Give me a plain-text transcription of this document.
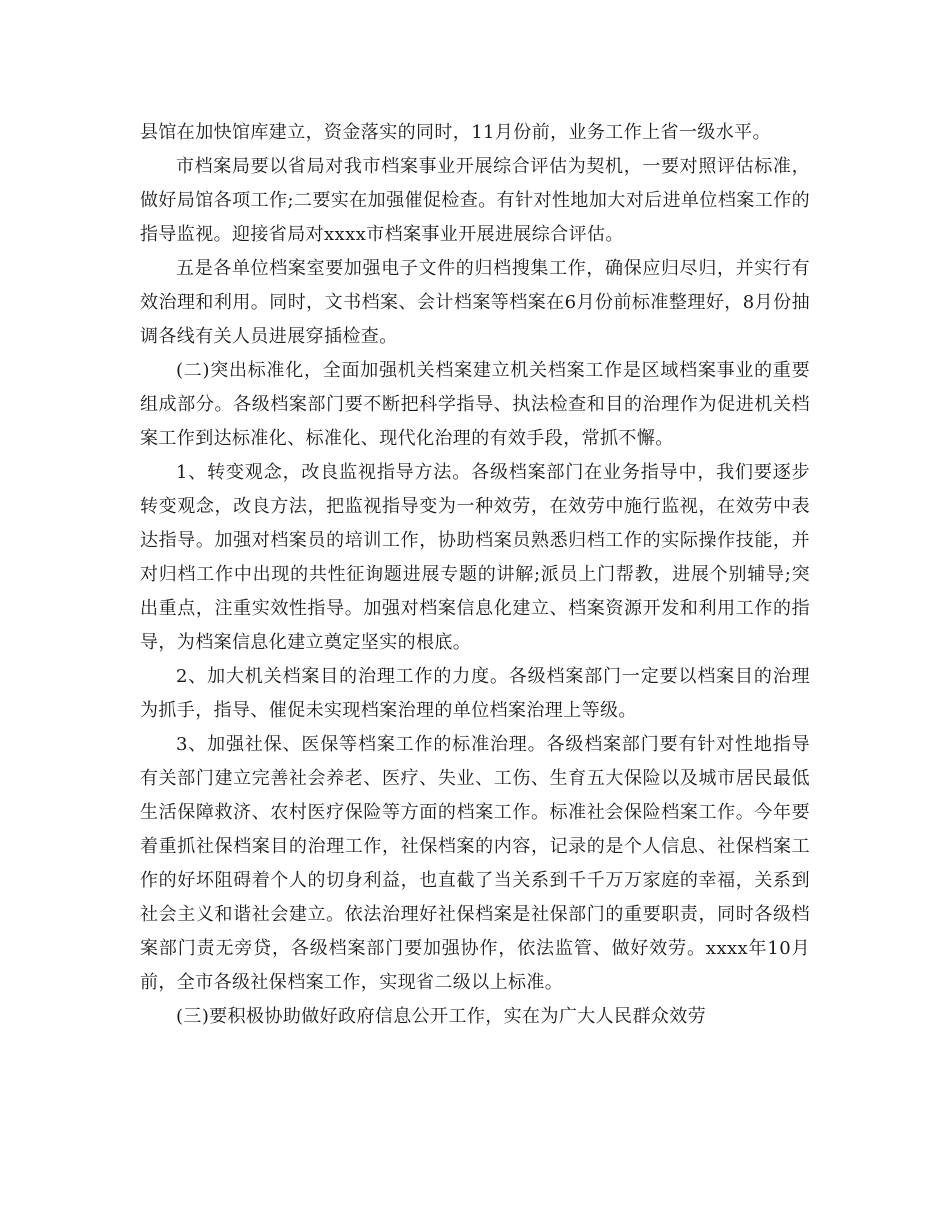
县馆在加快馆库建立，资金落实的同时，11月份前，业务工作上省一级水平。

市档案局要以省局对我市档案事业开展综合评估为契机，一要对照评估标准，做好局馆各项工作;二要实在加强催促检查。有针对性地加大对后进单位档案工作的指导监视。迎接省局对xxxx市档案事业开展进展综合评估。

五是各单位档案室要加强电子文件的归档搜集工作，确保应归尽归，并实行有效治理和利用。同时，文书档案、会计档案等档案在6月份前标准整理好，8月份抽调各线有关人员进展穿插检查。

(二)突出标准化，全面加强机关档案建立机关档案工作是区域档案事业的重要组成部分。各级档案部门要不断把科学指导、执法检查和目的治理作为促进机关档案工作到达标准化、标准化、现代化治理的有效手段，常抓不懈。

1、转变观念，改良监视指导方法。各级档案部门在业务指导中，我们要逐步转变观念，改良方法，把监视指导变为一种效劳，在效劳中施行监视，在效劳中表达指导。加强对档案员的培训工作，协助档案员熟悉归档工作的实际操作技能，并对归档工作中出现的共性征询题进展专题的讲解;派员上门帮教，进展个别辅导;突出重点，注重实效性指导。加强对档案信息化建立、档案资源开发和利用工作的指导，为档案信息化建立奠定坚实的根底。

2、加大机关档案目的治理工作的力度。各级档案部门一定要以档案目的治理为抓手，指导、催促未实现档案治理的单位档案治理上等级。

3、加强社保、医保等档案工作的标准治理。各级档案部门要有针对性地指导有关部门建立完善社会养老、医疗、失业、工伤、生育五大保险以及城市居民最低生活保障救济、农村医疗保险等方面的档案工作。标准社会保险档案工作。今年要着重抓社保档案目的治理工作，社保档案的内容，记录的是个人信息、社保档案工作的好坏阻碍着个人的切身利益，也直截了当关系到千千万万家庭的幸福，关系到社会主义和谐社会建立。依法治理好社保档案是社保部门的重要职责，同时各级档案部门责无旁贷，各级档案部门要加强协作，依法监管、做好效劳。xxxx年10月前，全市各级社保档案工作，实现省二级以上标准。

(三)要积极协助做好政府信息公开工作，实在为广大人民群众效劳
